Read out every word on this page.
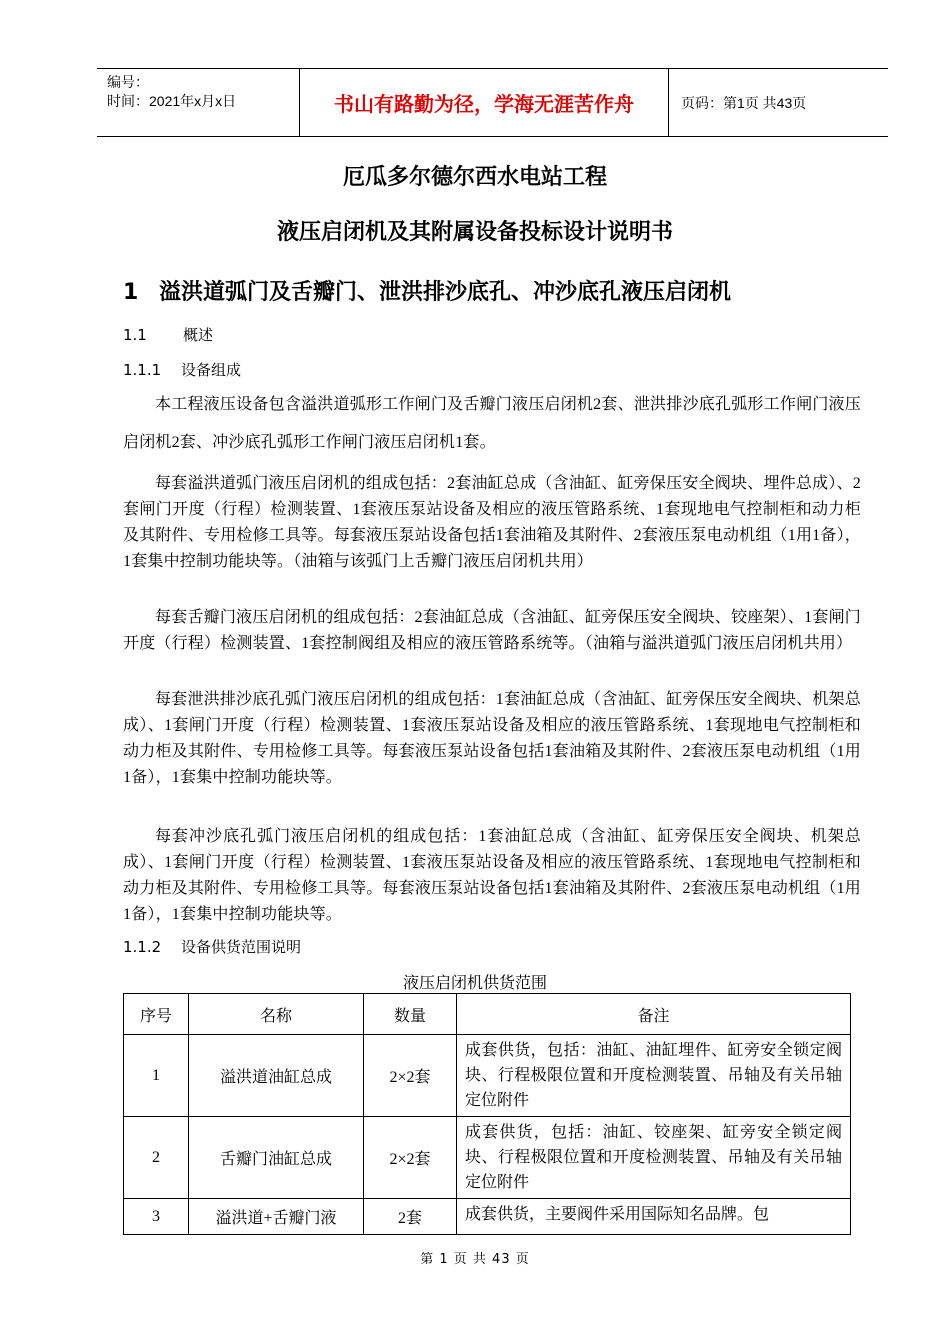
编号：
时间：2021年x月x日	书山有路勤为径，学海无涯苦作舟	页码：第1页 共43页
厄瓜多尔德尔西水电站工程
液压启闭机及其附属设备投标设计说明书
1 溢洪道弧门及舌瓣门、泄洪排沙底孔、冲沙底孔液压启闭机
1.1 概述
1.1.1 设备组成
本工程液压设备包含溢洪道弧形工作闸门及舌瓣门液压启闭机2套、泄洪排沙底孔弧形工作闸门液压启闭机2套、冲沙底孔弧形工作闸门液压启闭机1套。
每套溢洪道弧门液压启闭机的组成包括：2套油缸总成（含油缸、缸旁保压安全阀块、埋件总成）、2套闸门开度（行程）检测装置、1套液压泵站设备及相应的液压管路系统、1套现地电气控制柜和动力柜及其附件、专用检修工具等。每套液压泵站设备包括1套油箱及其附件、2套液压泵电动机组（1用1备），1套集中控制功能块等。（油箱与该弧门上舌瓣门液压启闭机共用）
每套舌瓣门液压启闭机的组成包括：2套油缸总成（含油缸、缸旁保压安全阀块、铰座架）、1套闸门开度（行程）检测装置、1套控制阀组及相应的液压管路系统等。（油箱与溢洪道弧门液压启闭机共用）
每套泄洪排沙底孔弧门液压启闭机的组成包括：1套油缸总成（含油缸、缸旁保压安全阀块、机架总成）、1套闸门开度（行程）检测装置、1套液压泵站设备及相应的液压管路系统、1套现地电气控制柜和动力柜及其附件、专用检修工具等。每套液压泵站设备包括1套油箱及其附件、2套液压泵电动机组（1用1备），1套集中控制功能块等。
每套冲沙底孔弧门液压启闭机的组成包括：1套油缸总成（含油缸、缸旁保压安全阀块、机架总成）、1套闸门开度（行程）检测装置、1套液压泵站设备及相应的液压管路系统、1套现地电气控制柜和动力柜及其附件、专用检修工具等。每套液压泵站设备包括1套油箱及其附件、2套液压泵电动机组（1用1备），1套集中控制功能块等。
1.1.2 设备供货范围说明
液压启闭机供货范围
序号	名称	数量	备注
1	溢洪道油缸总成	2×2套	成套供货，包括：油缸、油缸埋件、缸旁安全锁定阀块、行程极限位置和开度检测装置、吊轴及有关吊轴定位附件
2	舌瓣门油缸总成	2×2套	成套供货，包括：油缸、铰座架、缸旁安全锁定阀块、行程极限位置和开度检测装置、吊轴及有关吊轴定位附件
3	溢洪道+舌瓣门液	2套	成套供货，主要阀件采用国际知名品牌。包
第 1 页 共 43 页
